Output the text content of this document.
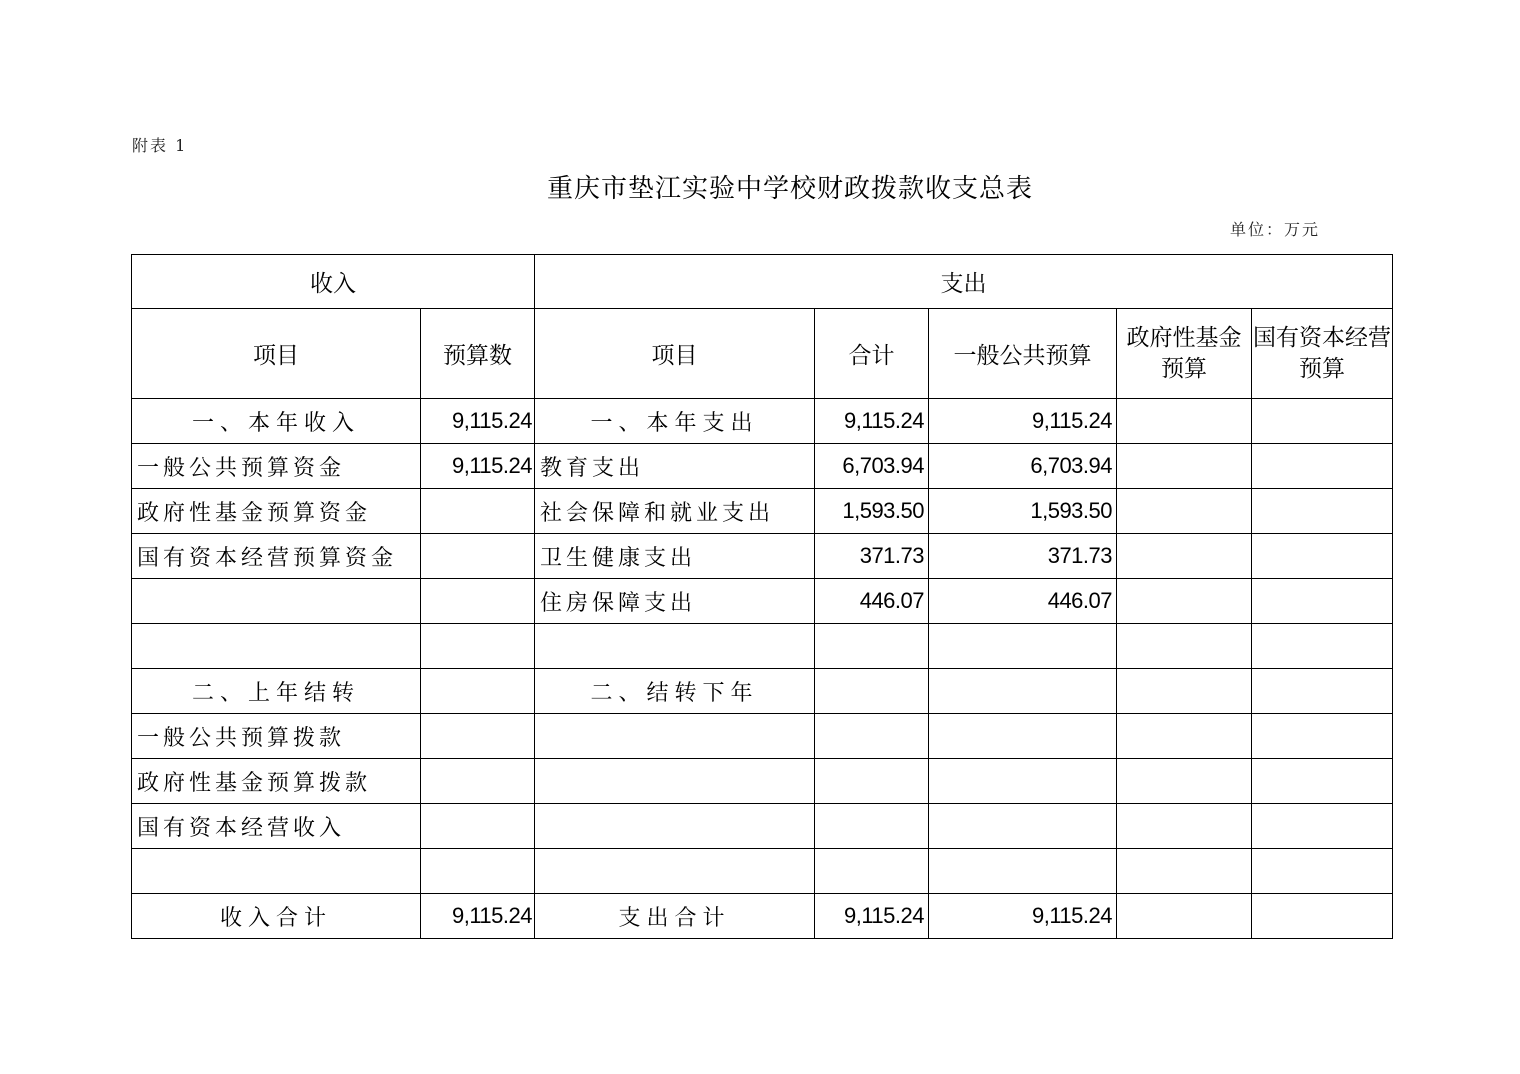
附表 1
重庆市垫江实验中学校财政拨款收支总表
单位：万元
收入		支出				
项目	预算数	项目	合计	一般公共预算	政府性基金预算	国有资本经营预算
一、本年收入	9,115.24	一、本年支出	9,115.24	9,115.24		
一般公共预算资金	9,115.24	教育支出	6,703.94	6,703.94		
政府性基金预算资金		社会保障和就业支出	1,593.50	1,593.50		
国有资本经营预算资金		卫生健康支出	371.73	371.73		
		住房保障支出	446.07	446.07		

二、上年结转		二、结转下年				
一般公共预算拨款						
政府性基金预算拨款						
国有资本经营收入						

收入合计	9,115.24	支出合计	9,115.24	9,115.24		
